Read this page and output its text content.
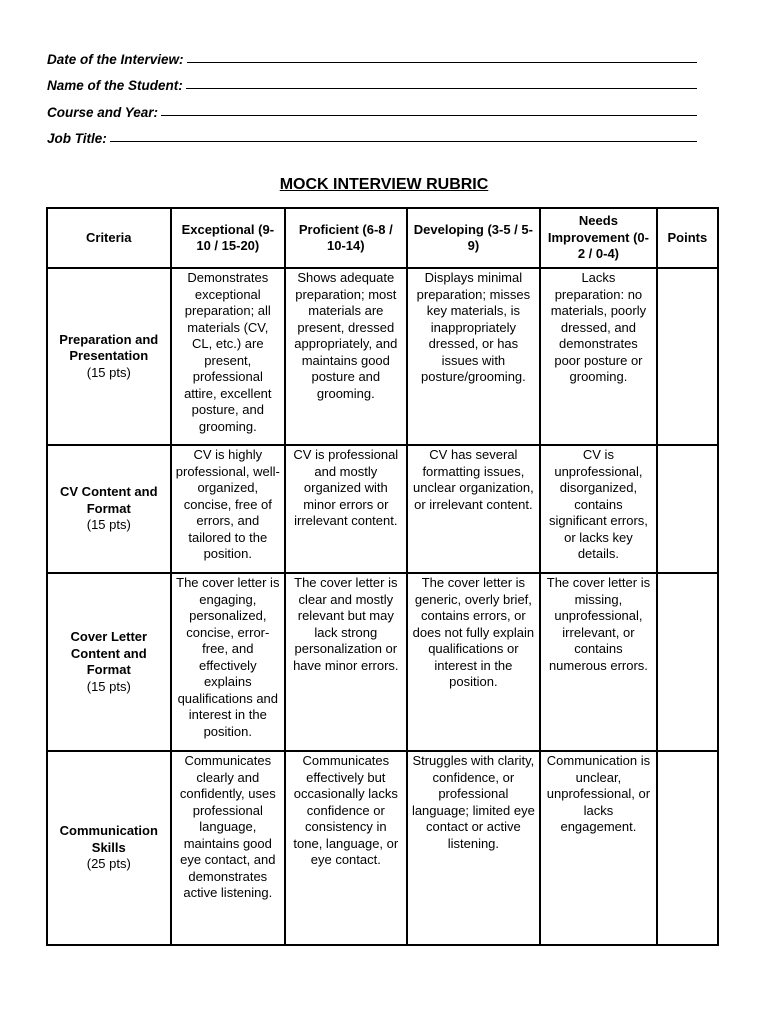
Date of the Interview:
Name of the Student:
Course and Year:
Job Title:
MOCK INTERVIEW RUBRIC
Criteria	Exceptional (9-10 / 15-20)	Proficient (6-8 / 10-14)	Developing (3-5 / 5-9)	Needs Improvement (0-2 / 0-4)	Points

Preparation and Presentation
(15 pts)	Demonstrates exceptional preparation; all materials (CV, CL, etc.) are present, professional attire, excellent posture, and grooming.	Shows adequate preparation; most materials are present, dressed appropriately, and maintains good posture and grooming.	Displays minimal preparation; misses key materials, is inappropriately dressed, or has issues with posture/grooming.	Lacks preparation: no materials, poorly dressed, and demonstrates poor posture or grooming.	

CV Content and Format
(15 pts)	CV is highly professional, well-organized, concise, free of errors, and tailored to the position.	CV is professional and mostly organized with minor errors or irrelevant content.	CV has several formatting issues, unclear organization, or irrelevant content.	CV is unprofessional, disorganized, contains significant errors, or lacks key details.	

Cover Letter Content and Format
(15 pts)	The cover letter is engaging, personalized, concise, error-free, and effectively explains qualifications and interest in the position.	The cover letter is clear and mostly relevant but may lack strong personalization or have minor errors.	The cover letter is generic, overly brief, contains errors, or does not fully explain qualifications or interest in the position.	The cover letter is missing, unprofessional, irrelevant, or contains numerous errors.	

Communication Skills
(25 pts)	Communicates clearly and confidently, uses professional language, maintains good eye contact, and demonstrates active listening.	Communicates effectively but occasionally lacks confidence or consistency in tone, language, or eye contact.	Struggles with clarity, confidence, or professional language; limited eye contact or active listening.	Communication is unclear, unprofessional, or lacks engagement.	
